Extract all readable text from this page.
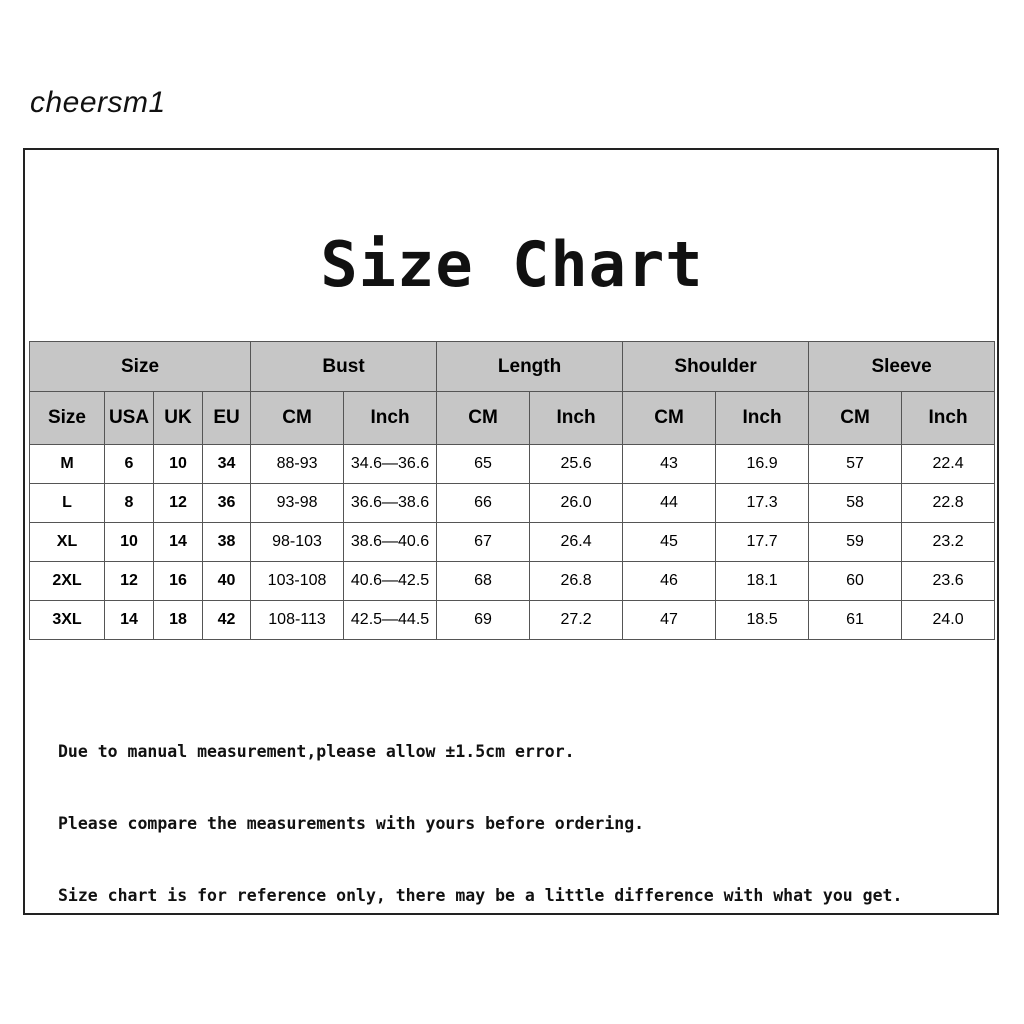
cheersm1
Size Chart
Size				Bust		Length		Shoulder		Sleeve	
Size	USA	UK	EU	CM	Inch	CM	Inch	CM	Inch	CM	Inch
M	6	10	34	88-93	34.6—36.6	65	25.6	43	16.9	57	22.4
L	8	12	36	93-98	36.6—38.6	66	26.0	44	17.3	58	22.8
XL	10	14	38	98-103	38.6—40.6	67	26.4	45	17.7	59	23.2
2XL	12	16	40	103-108	40.6—42.5	68	26.8	46	18.1	60	23.6
3XL	14	18	42	108-113	42.5—44.5	69	27.2	47	18.5	61	24.0

Due to manual measurement,please allow ±1.5cm error.

Please compare the measurements with yours before ordering.

Size chart is for reference only, there may be a little difference with what you get.
